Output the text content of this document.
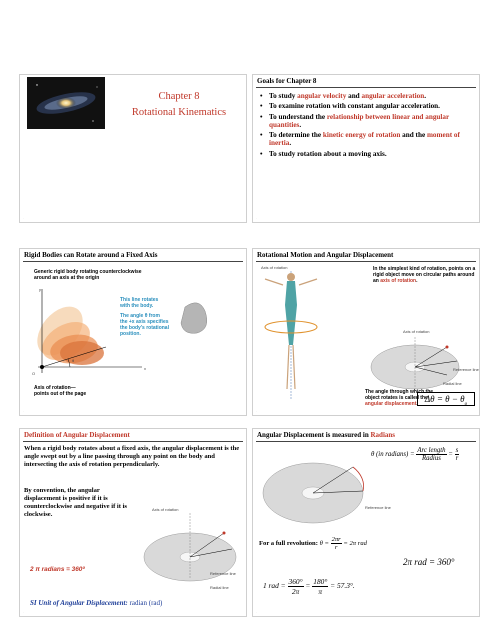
Chapter 8
Rotational Kinematics
·
Goals for Chapter 8
• To study angular velocity and angular acceleration.
• To examine rotation with constant angular acceleration.
• To understand the relationship between linear and angular quantities.
• To determine the kinetic energy of rotation and the moment of inertia.
• To study rotation about a moving axis.
·
Rigid Bodies can Rotate around a Fixed Axis
Generic rigid body rotating counterclockwise
around an axis at the origin
y
x
O
θ
This line rotates
with the body.
The angle θ from
the +x axis specifies
the body's rotational
position.
Axis of rotation—
points out of the page
·
Rotational Motion and Angular Displacement
Axis of rotation
Axis of rotation
Reference line
Radial line
In the simplest kind of rotation, points on a rigid object move on circular paths around an axis of rotation.
The angle through which the object rotates is called the angular displacement. $\Delta\theta = \theta - \theta_o$
·
Definition of Angular Displacement
When a rigid body rotates about a fixed axis, the angular displacement is the angle swept out by a line passing through any point on the body and intersecting the axis of rotation perpendicularly.
By convention, the angular displacement is positive if it is counterclockwise and negative if it is clockwise.
Axis of rotation
Reference line
Radial line
2 π radians = 360º
SI Unit of Angular Displacement: radian (rad)
·
Angular Displacement is measured in Radians
Reference line
θ (in radians) = $\frac{\text{Arc length}}{\text{Radius}} = \frac{s}{r}$
For a full revolution: $\theta = \frac{2\pi r}{r} = 2\pi$ rad
2π rad = 360°
1 rad = $\frac{360^\circ}{2\pi} = \frac{180^\circ}{\pi} = 57.3^\circ$.
·
